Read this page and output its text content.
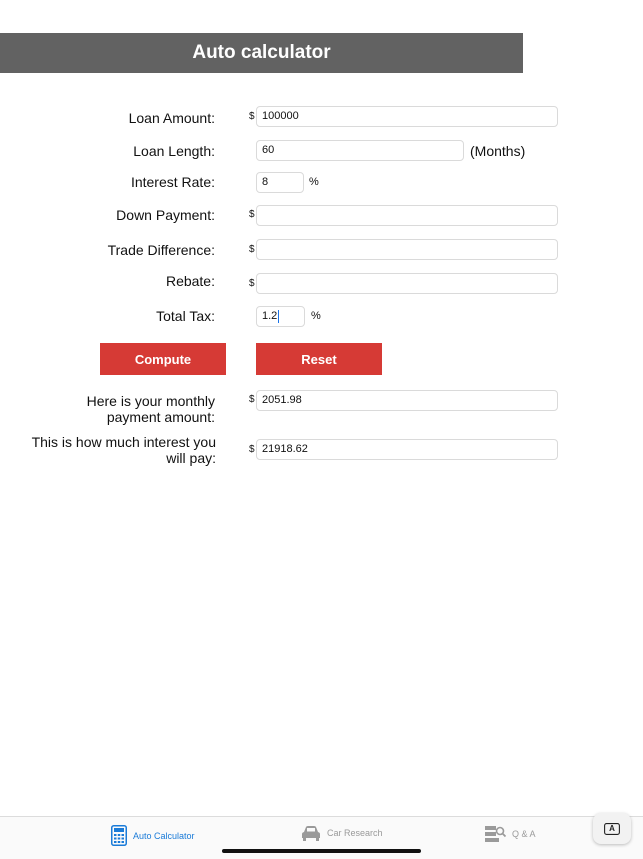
Auto calculator
Loan Amount:	$ 100000
Loan Length:	60	(Months)
Interest Rate:	8	%
Down Payment:	$
Trade Difference:	$
Rebate:	$
Total Tax:	1.2	%
Compute	Reset
Here is your monthly
payment amount:
$ 2051.98
This is how much interest you
will pay:
$ 21918.62
Auto Calculator	Car Research	Q & A
A
